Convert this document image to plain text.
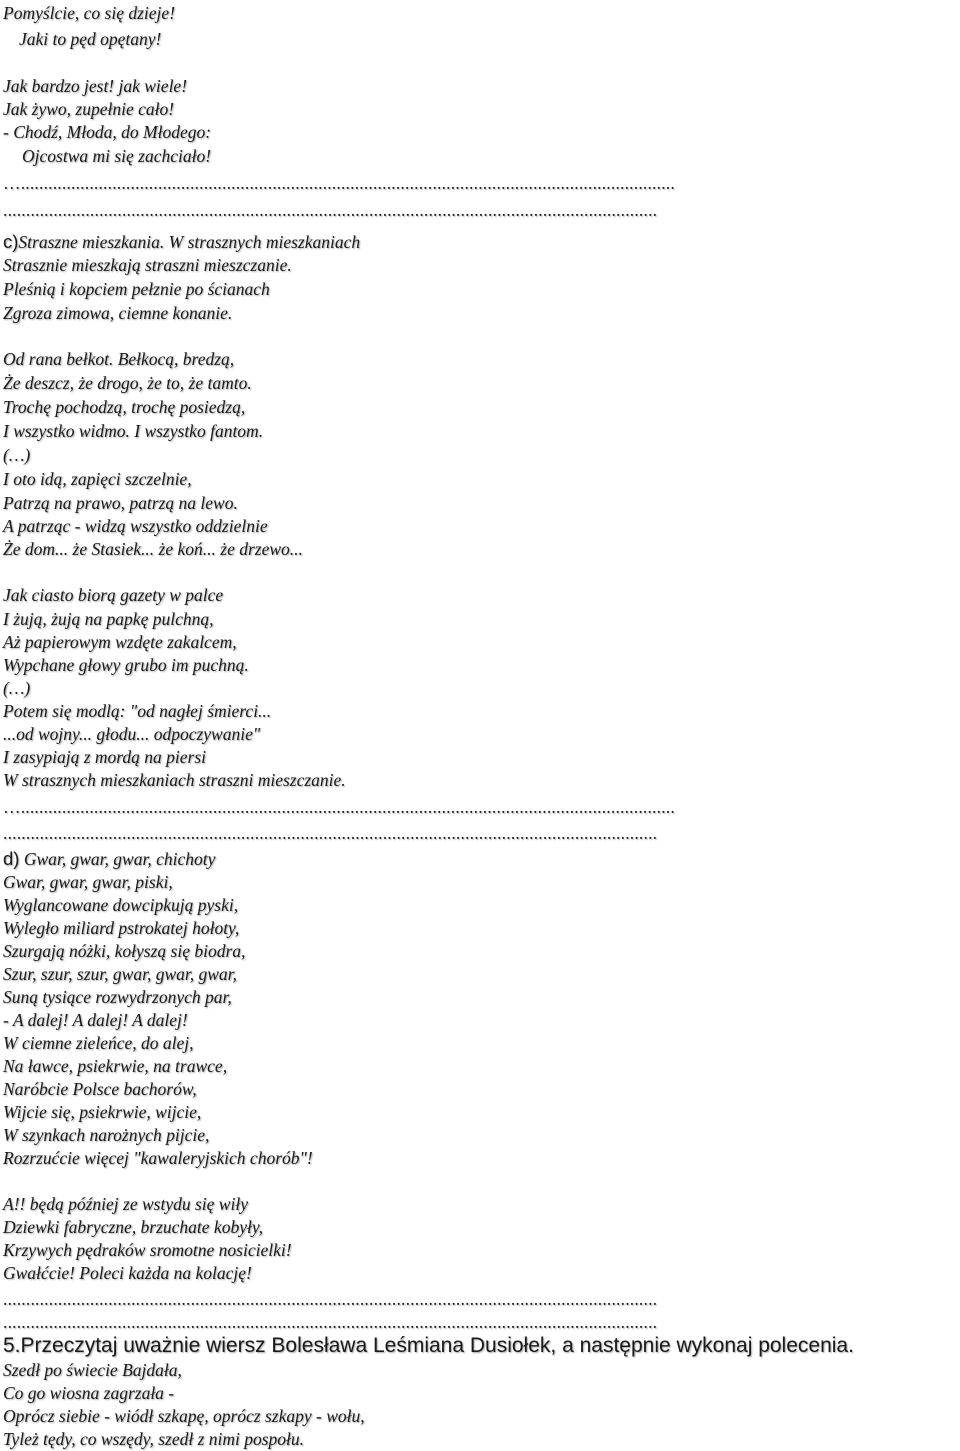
Pomyślcie, co się dzieje!
Jaki to pęd opętany!
Jak bardzo jest! jak wiele!
Jak żywo, zupełnie cało!
- Chodź, Młoda, do Młodego:
Ojcostwa mi się zachciało!
…...............................................................................................................................................
...............................................................................................................................................
c)Straszne mieszkania. W strasznych mieszkaniach
Strasznie mieszkają straszni mieszczanie.
Pleśnią i kopciem pełznie po ścianach
Zgroza zimowa, ciemne konanie.
Od rana bełkot. Bełkocą, bredzą,
Że deszcz, że drogo, że to, że tamto.
Trochę pochodzą, trochę posiedzą,
I wszystko widmo. I wszystko fantom.
(…)
I oto idą, zapięci szczelnie,
Patrzą na prawo, patrzą na lewo.
A patrząc - widzą wszystko oddzielnie
Że dom... że Stasiek... że koń... że drzewo...
Jak ciasto biorą gazety w palce
I żują, żują na papkę pulchną,
Aż papierowym wzdęte zakalcem,
Wypchane głowy grubo im puchną.
(…)
Potem się modlą: "od nagłej śmierci...
...od wojny... głodu... odpoczywanie"
I zasypiają z mordą na piersi
W strasznych mieszkaniach straszni mieszczanie.
…...............................................................................................................................................
...............................................................................................................................................
d) Gwar, gwar, gwar, chichoty
Gwar, gwar, gwar, piski,
Wyglancowane dowcipkują pyski,
Wyległo miliard pstrokatej hołoty,
Szurgają nóżki, kołyszą się biodra,
Szur, szur, szur, gwar, gwar, gwar,
Suną tysiące rozwydrzonych par,
- A dalej! A dalej! A dalej!
W ciemne zieleńce, do alej,
Na ławce, psiekrwie, na trawce,
Naróbcie Polsce bachorów,
Wijcie się, psiekrwie, wijcie,
W szynkach narożnych pijcie,
Rozrzućcie więcej "kawaleryjskich chorób"!
A!! będą później ze wstydu się wiły
Dziewki fabryczne, brzuchate kobyły,
Krzywych pędraków sromotne nosicielki!
Gwałćcie! Poleci każda na kolację!
...............................................................................................................................................
...............................................................................................................................................
5.Przeczytaj uważnie wiersz Bolesława Leśmiana Dusiołek, a następnie wykonaj polecenia.
Szedł po świecie Bajdała,
Co go wiosna zagrzała -
Oprócz siebie - wiódł szkapę, oprócz szkapy - wołu,
Tyleż tędy, co wszędy, szedł z nimi pospołu.
